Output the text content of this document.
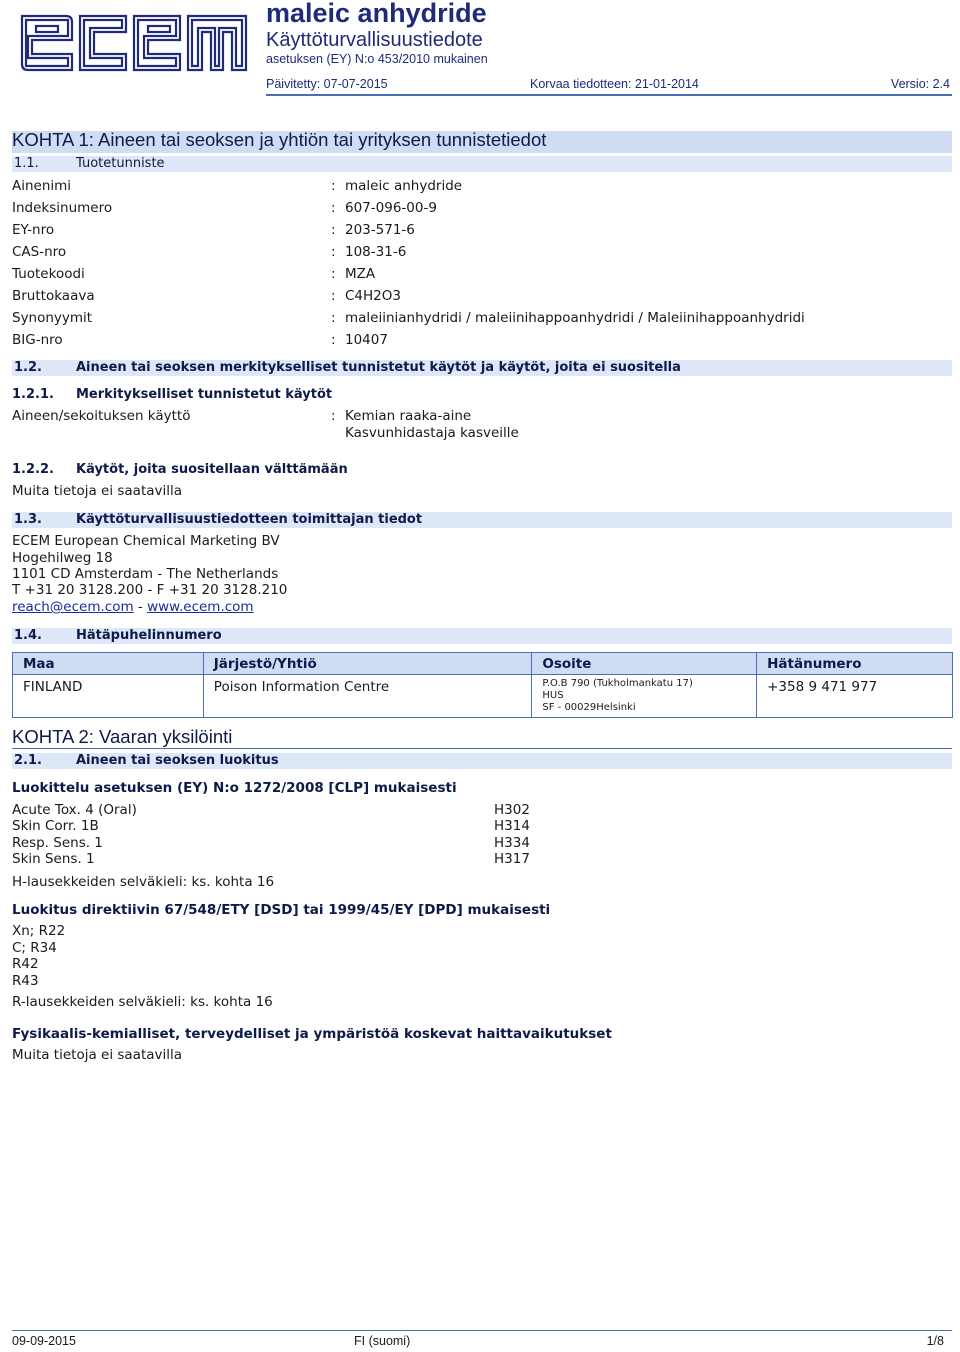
maleic anhydride
Käyttöturvallisuustiedote
asetuksen (EY) N:o 453/2010 mukainen
Päivitetty: 07-07-2015	Korvaa tiedotteen: 21-01-2014	Versio: 2.4
KOHTA 1: Aineen tai seoksen ja yhtiön tai yrityksen tunnistetiedot
1.1.	Tuotetunniste
Ainenimi	: maleic anhydride
Indeksinumero	: 607-096-00-9
EY-nro	: 203-571-6
CAS-nro	: 108-31-6
Tuotekoodi	: MZA
Bruttokaava	: C4H2O3
Synonyymit	: maleiinianhydridi / maleiinihappoanhydridi / Maleiinihappoanhydridi
BIG-nro	: 10407
1.2.	Aineen tai seoksen merkitykselliset tunnistetut käytöt ja käytöt, joita ei suositella
1.2.1. Merkitykselliset tunnistetut käytöt
Aineen/sekoituksen käyttö	: Kemian raaka-aine
Kasvunhidastaja kasveille
1.2.2. Käytöt, joita suositellaan välttämään
Muita tietoja ei saatavilla
1.3.	Käyttöturvallisuustiedotteen toimittajan tiedot
ECEM European Chemical Marketing BV
Hogehilweg 18
1101 CD Amsterdam - The Netherlands
T +31 20 3128.200 - F +31 20 3128.210
reach@ecem.com - www.ecem.com
1.4.	Hätäpuhelinnumero
Maa	Järjestö/Yhtiö	Osoite	Hätänumero
FINLAND	Poison Information Centre	P.O.B 790 (Tukholmankatu 17)
HUS
SF - 00029Helsinki	+358 9 471 977
KOHTA 2: Vaaran yksilöinti
2.1.	Aineen tai seoksen luokitus
Luokittelu asetuksen (EY) N:o 1272/2008 [CLP] mukaisesti
Acute Tox. 4 (Oral)	H302
Skin Corr. 1B	H314
Resp. Sens. 1	H334
Skin Sens. 1	H317
H-lausekkeiden selväkieli: ks. kohta 16
Luokitus direktiivin 67/548/ETY [DSD] tai 1999/45/EY [DPD] mukaisesti
Xn; R22
C; R34
R42
R43
R-lausekkeiden selväkieli: ks. kohta 16
Fysikaalis-kemialliset, terveydelliset ja ympäristöä koskevat haittavaikutukset
Muita tietoja ei saatavilla
09-09-2015	FI (suomi)	1/8
